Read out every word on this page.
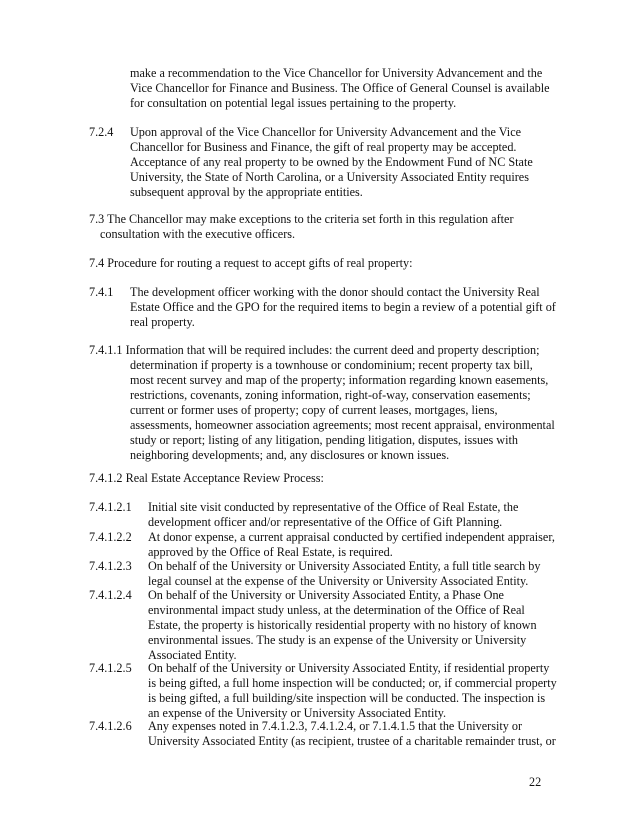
make a recommendation to the Vice Chancellor for University Advancement and the
Vice Chancellor for Finance and Business. The Office of General Counsel is available
for consultation on potential legal issues pertaining to the property.
7.2.4 Upon approval of the Vice Chancellor for University Advancement and the Vice
Chancellor for Business and Finance, the gift of real property may be accepted.
Acceptance of any real property to be owned by the Endowment Fund of NC State
University, the State of North Carolina, or a University Associated Entity requires
subsequent approval by the appropriate entities.
7.3 The Chancellor may make exceptions to the criteria set forth in this regulation after
consultation with the executive officers.
7.4 Procedure for routing a request to accept gifts of real property:
7.4.1 The development officer working with the donor should contact the University Real
Estate Office and the GPO for the required items to begin a review of a potential gift of
real property.
7.4.1.1 Information that will be required includes: the current deed and property description;
determination if property is a townhouse or condominium; recent property tax bill,
most recent survey and map of the property; information regarding known easements,
restrictions, covenants, zoning information, right-of-way, conservation easements;
current or former uses of property; copy of current leases, mortgages, liens,
assessments, homeowner association agreements; most recent appraisal, environmental
study or report; listing of any litigation, pending litigation, disputes, issues with
neighboring developments; and, any disclosures or known issues.
7.4.1.2 Real Estate Acceptance Review Process:
7.4.1.2.1 Initial site visit conducted by representative of the Office of Real Estate, the
development officer and/or representative of the Office of Gift Planning.
7.4.1.2.2 At donor expense, a current appraisal conducted by certified independent appraiser,
approved by the Office of Real Estate, is required.
7.4.1.2.3 On behalf of the University or University Associated Entity, a full title search by
legal counsel at the expense of the University or University Associated Entity.
7.4.1.2.4 On behalf of the University or University Associated Entity, a Phase One
environmental impact study unless, at the determination of the Office of Real
Estate, the property is historically residential property with no history of known
environmental issues. The study is an expense of the University or University
Associated Entity.
7.4.1.2.5 On behalf of the University or University Associated Entity, if residential property
is being gifted, a full home inspection will be conducted; or, if commercial property
is being gifted, a full building/site inspection will be conducted. The inspection is
an expense of the University or University Associated Entity.
7.4.1.2.6 Any expenses noted in 7.4.1.2.3, 7.4.1.2.4, or 7.1.4.1.5 that the University or
University Associated Entity (as recipient, trustee of a charitable remainder trust, or
22
